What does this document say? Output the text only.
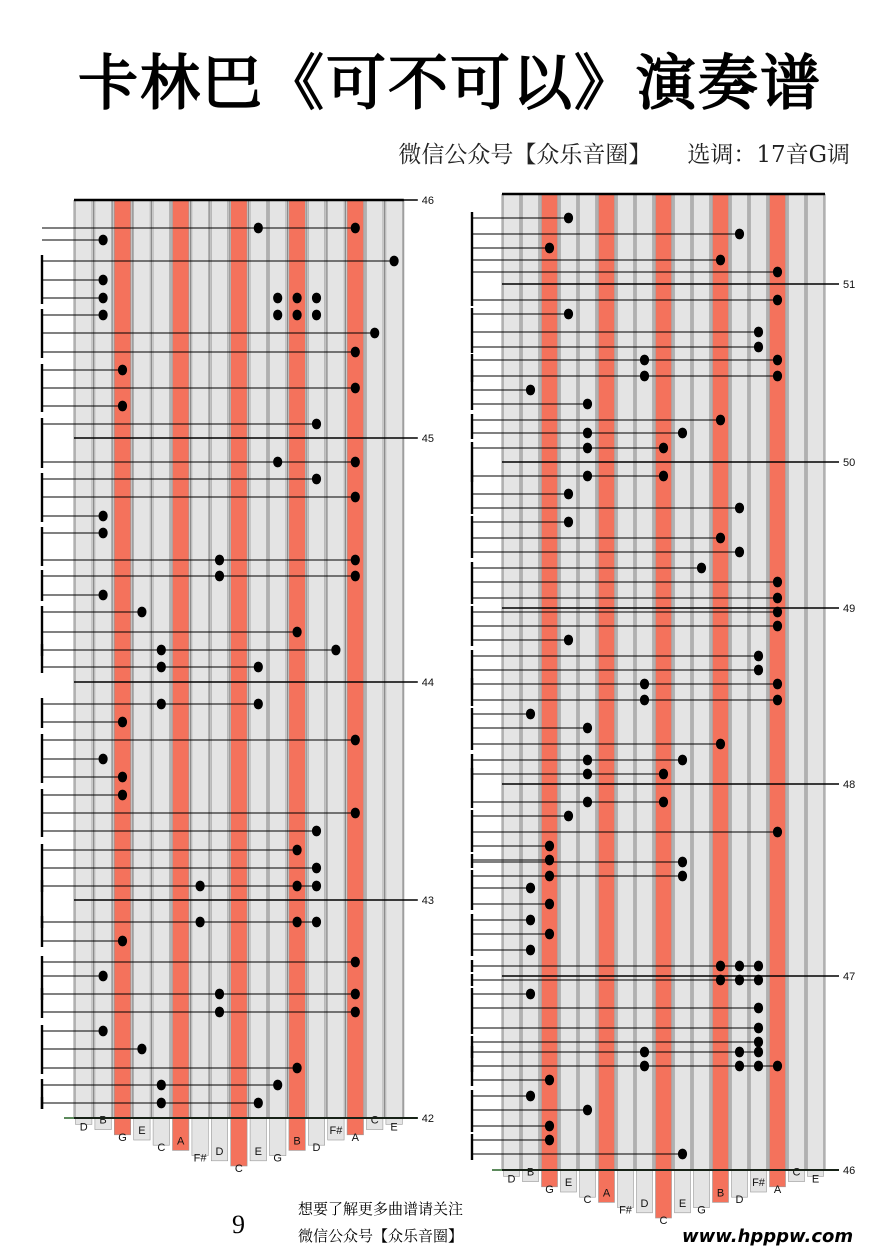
卡林巴《可不可以》演奏谱
微信公众号【众乐音圈】 选调：17音G调
D
B
G
E
C
A
F#
D
C
E
G
B
D
F#
A
C
E
46
45
44
43
42
D
B
G
E
C
A
F#
D
C
E
G
B
D
F#
A
C
E
51
50
49
48
47
46
9
想要了解更多曲谱请关注
微信公众号【众乐音圈】	www.hpppw.com
